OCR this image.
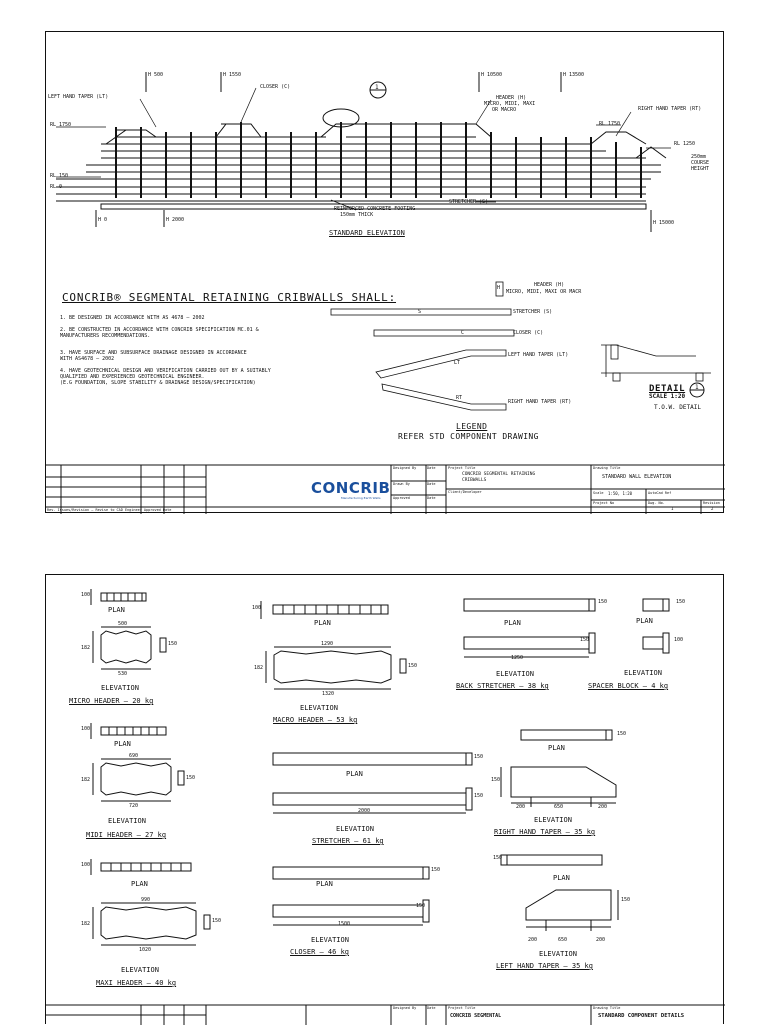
LEFT HAND TAPER (LT)
CLOSER (C)
HEADER (H)
MICRO, MIDI, MAXI
OR MACRO	RIGHT HAND TAPER (RT)
RL 1750	RL 1750
RL 1250
RL 150
RL 0
250mm
COURSE
HEIGHT
REINFORCED CONCRETE FOOTING
150mm THICK
STRETCHER (S)
1
H 500	H 1550	H 10500	H 13500
H 0	H 2000	H 15000
STANDARD ELEVATION
CONCRIB® SEGMENTAL RETAINING CRIBWALLS SHALL:
1. BE DESIGNED IN ACCORDANCE WITH AS 4678 – 2002
2. BE CONSTRUCTED IN ACCORDANCE WITH CONCRIB SPECIFICATION MC.01 &
MANUFACTURERS RECOMMENDATIONS.
3. HAVE SURFACE AND SUBSURFACE DRAINAGE DESIGNED IN ACCORDANCE
WITH AS4678 – 2002
4. HAVE GEOTECHNICAL DESIGN AND VERIFICATION CARRIED OUT BY A SUITABLY
QUALIFIED AND EXPERIENCED GEOTECHNICAL ENGINEER.
(E.G FOUNDATION, SLOPE STABILITY & DRAINAGE DESIGN/SPECIFICATION)
H	HEADER (H)
MICRO, MIDI, MAXI OR MACR
S	STRETCHER (S)
C	CLOSER (C)
LT
LEFT HAND TAPER (LT)
RT
RIGHT HAND TAPER (RT)
LEGEND
REFER STD COMPONENT DRAWING
DETAIL 1
SCALE 1:20
T.O.W. DETAIL
Rev. Issues/Revision — Revise to CAD Engineer Approved Date
CONCRIB
Manufacturing Earth Walls
Designed By	Date
Drawn By	Date
Approved	Date
Project Title
CONCRIB SEGMENTAL RETAINING
CRIBWALLS
Client/Developer
Drawing Title
STANDARD WALL ELEVATION
Scale 1:50, 1:20	AutoCad Ref
Project No	Dwg. No.
1
Revision
2
100
PLAN
500
182
150
530
ELEVATION
MICRO HEADER – 20 kg
100
PLAN
690
182	150
720
ELEVATION
MIDI HEADER – 27 kg
100
PLAN
990
182	150
1020
ELEVATION
MAXI HEADER – 40 kg
100
PLAN
1290
182	150
1320
ELEVATION
MACRO HEADER – 53 kg
150
PLAN
150
2000
ELEVATION
STRETCHER – 61 kg
150
PLAN
150
1500
ELEVATION
CLOSER – 46 kg
150
PLAN
150
1250
ELEVATION
BACK STRETCHER – 38 kg
150
PLAN
100
ELEVATION
SPACER BLOCK – 4 kg
150
PLAN
150
200	650	200
ELEVATION
RIGHT HAND TAPER – 35 kg
150
PLAN
150
200	650	200
ELEVATION
LEFT HAND TAPER – 35 kg
Designed By	Date	Project Title
CONCRIB SEGMENTAL
Drawing Title
STANDARD COMPONENT DETAILS
